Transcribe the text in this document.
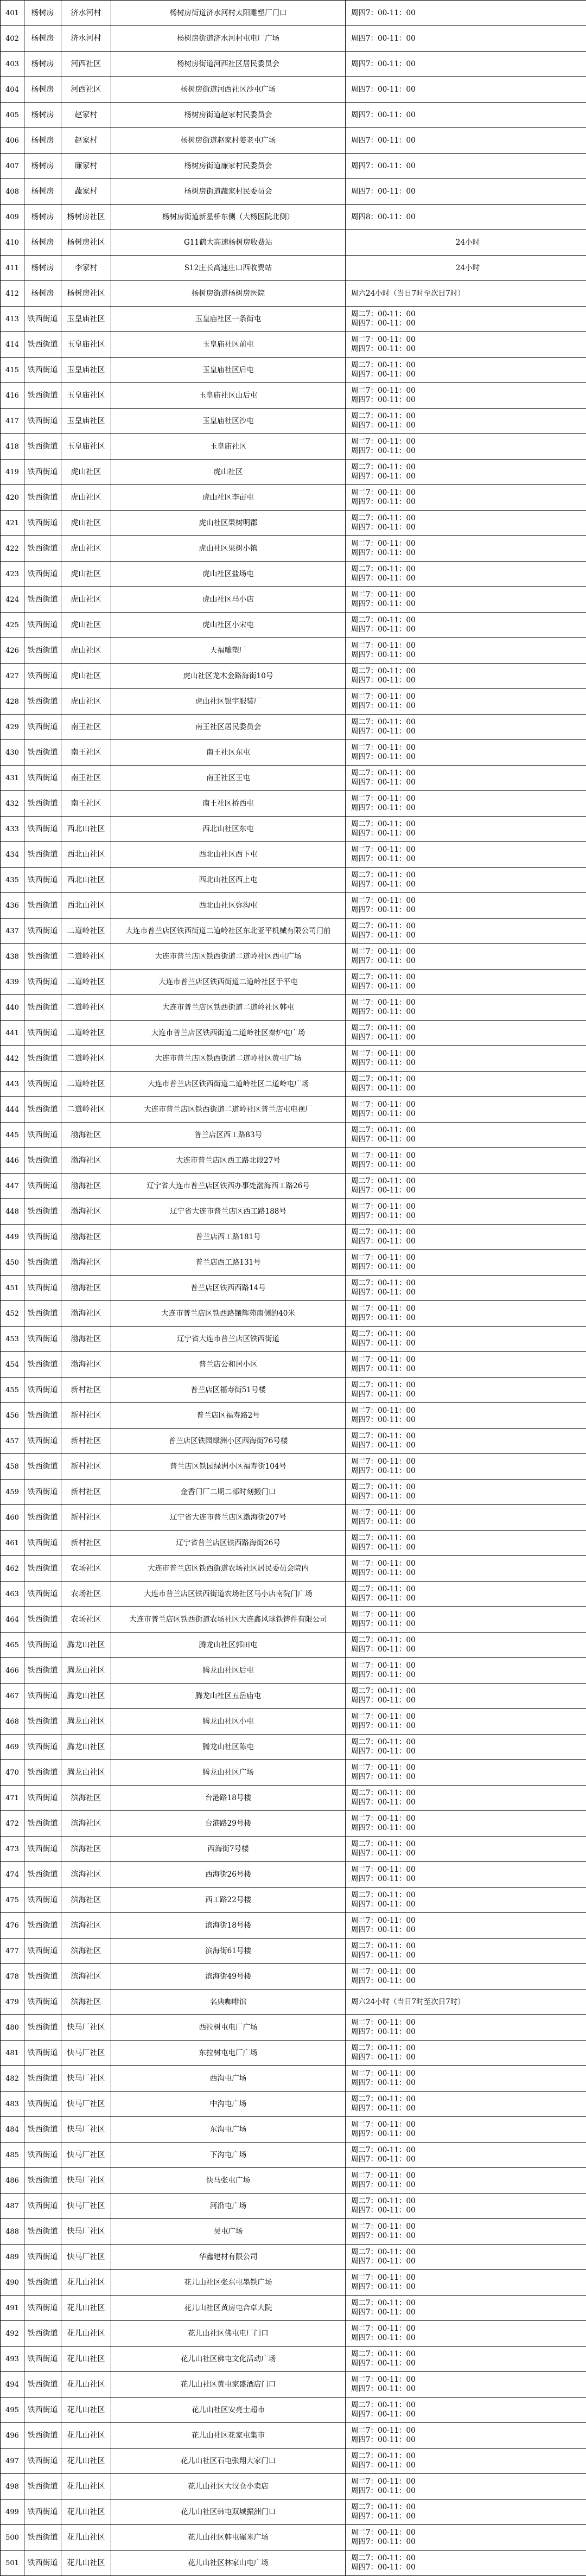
401	杨树房	济水河村	杨树房街道济水河村太阳雕塑厂门口	周四7：00-11：00
402	杨树房	济水河村	杨树房街道济水河村屯电厂广场	周四7：00-11：00
403	杨树房	河西社区	杨树房街道河西社区居民委员会	周四7：00-11：00
404	杨树房	河西社区	杨树房街道河西社区沙屯广场	周四7：00-11：00
405	杨树房	赵家村	杨树房街道赵家村民委员会	周四7：00-11：00
406	杨树房	赵家村	杨树房街道赵家村姜老屯广场	周四7：00-11：00
407	杨树房	廉家村	杨树房街道廉家村民委员会	周四7：00-11：00
408	杨树房	蔬家村	杨树房街道蔬家村民委员会	周四7：00-11：00
409	杨树房	杨树房社区	杨树房街道新星桥东侧（大杨医院北侧）	周四8：00-11：00
410	杨树房	杨树房社区	G11鹤大高速杨树房收费站	24小时
411	杨树房	李家村	S12庄长高速庄口西收费站	24小时
412	杨树房	杨树房社区	杨树房街道杨树房医院	周六24小时（当日7时至次日7时）
413	铁西街道	玉皇庙社区	玉皇庙社区一条街屯	周二7：00-11：00
周四7：00-11：00
414	铁西街道	玉皇庙社区	玉皇庙社区前屯	周二7：00-11：00
周四7：00-11：00
415	铁西街道	玉皇庙社区	玉皇庙社区后屯	周二7：00-11：00
周四7：00-11：00
416	铁西街道	玉皇庙社区	玉皇庙社区山后屯	周二7：00-11：00
周四7：00-11：00
417	铁西街道	玉皇庙社区	玉皇庙社区沙屯	周二7：00-11：00
周四7：00-11：00
418	铁西街道	玉皇庙社区	玉皇庙社区	周二7：00-11：00
周四7：00-11：00
419	铁西街道	虎山社区	虎山社区	周二7：00-11：00
周四7：00-11：00
420	铁西街道	虎山社区	虎山社区李亩屯	周二7：00-11：00
周四7：00-11：00
421	铁西街道	虎山社区	虎山社区果树明郡	周二7：00-11：00
周四7：00-11：00
422	铁西街道	虎山社区	虎山社区果树小镇	周二7：00-11：00
周四7：00-11：00
423	铁西街道	虎山社区	虎山社区盐场屯	周二7：00-11：00
周四7：00-11：00
424	铁西街道	虎山社区	虎山社区马小店	周二7：00-11：00
周四7：00-11：00
425	铁西街道	虎山社区	虎山社区小宋屯	周二7：00-11：00
周四7：00-11：00
426	铁西街道	虎山社区	天福雕塑厂	周二7：00-11：00
周四7：00-11：00
427	铁西街道	虎山社区	虎山社区龙木金路海街10号	周二7：00-11：00
周四7：00-11：00
428	铁西街道	虎山社区	虎山社区银宇服装厂	周二7：00-11：00
周四7：00-11：00
429	铁西街道	南王社区	南王社区居民委员会	周二7：00-11：00
周四7：00-11：00
430	铁西街道	南王社区	南王社区东屯	周二7：00-11：00
周四7：00-11：00
431	铁西街道	南王社区	南王社区王屯	周二7：00-11：00
周四7：00-11：00
432	铁西街道	南王社区	南王社区桥西屯	周二7：00-11：00
周四7：00-11：00
433	铁西街道	西北山社区	西北山社区东屯	周二7：00-11：00
周四7：00-11：00
434	铁西街道	西北山社区	西北山社区西下屯	周二7：00-11：00
周四7：00-11：00
435	铁西街道	西北山社区	西北山社区西上屯	周二7：00-11：00
周四7：00-11：00
436	铁西街道	西北山社区	西北山社区弥沟屯	周二7：00-11：00
周四7：00-11：00
437	铁西街道	二道岭社区	大连市普兰店区铁西街道二道岭社区东北亚平机械有限公司门前	周二7：00-11：00
周四7：00-11：00
438	铁西街道	二道岭社区	大连市普兰店区铁西街道二道岭社区西屯广场	周二7：00-11：00
周四7：00-11：00
439	铁西街道	二道岭社区	大连市普兰店区铁西街道二道岭社区于平屯	周二7：00-11：00
周四7：00-11：00
440	铁西街道	二道岭社区	大连市普兰店区铁西街道二道岭社区韩屯	周二7：00-11：00
周四7：00-11：00
441	铁西街道	二道岭社区	大连市普兰店区铁西街道二道岭社区秦炉屯广场	周二7：00-11：00
周四7：00-11：00
442	铁西街道	二道岭社区	大连市普兰店区铁西街道二道岭社区黄屯广场	周二7：00-11：00
周四7：00-11：00
443	铁西街道	二道岭社区	大连市普兰店区铁西街道二道岭社区二道岭屯广场	周二7：00-11：00
周四7：00-11：00
444	铁西街道	二道岭社区	大连市普兰店区铁西街道二道岭社区普兰店屯电视厂	周二7：00-11：00
周四7：00-11：00
445	铁西街道	渤海社区	普兰店区西工路83号	周二7：00-11：00
周四7：00-11：00
446	铁西街道	渤海社区	大连市普兰店区西工路北段27号	周二7：00-11：00
周四7：00-11：00
447	铁西街道	渤海社区	辽宁省大连市普兰店区铁西办事处渤海西工路26号	周二7：00-11：00
周四7：00-11：00
448	铁西街道	渤海社区	辽宁省大连市普兰店区西工路188号	周二7：00-11：00
周四7：00-11：00
449	铁西街道	渤海社区	普兰店西工路181号	周二7：00-11：00
周四7：00-11：00
450	铁西街道	渤海社区	普兰店西工路131号	周二7：00-11：00
周四7：00-11：00
451	铁西街道	渤海社区	普兰店区铁西西路14号	周二7：00-11：00
周四7：00-11：00
452	铁西街道	渤海社区	大连市普兰店区铁西路镶辉苑南侧的40米	周二7：00-11：00
周四7：00-11：00
453	铁西街道	渤海社区	辽宁省大连市普兰店区铁西街道	周二7：00-11：00
周四7：00-11：00
454	铁西街道	渤海社区	普兰店公和居小区	周二7：00-11：00
周四7：00-11：00
455	铁西街道	新村社区	普兰店区福寿街51号楼	周二7：00-11：00
周四7：00-11：00
456	铁西街道	新村社区	普兰店区福寿路2号	周二7：00-11：00
周四7：00-11：00
457	铁西街道	新村社区	普兰店区铁园绿洲小区西海街76号楼	周二7：00-11：00
周四7：00-11：00
458	铁西街道	新村社区	普兰店区铁园绿洲小区福寿街104号	周二7：00-11：00
周四7：00-11：00
459	铁西街道	新村社区	金香门厂二期二部时刻搬门口	周二7：00-11：00
周四7：00-11：00
460	铁西街道	新村社区	辽宁省大连市普兰店区渤海街207号	周二7：00-11：00
周四7：00-11：00
461	铁西街道	新村社区	辽宁省普兰店区铁西路海街26号	周二7：00-11：00
周四7：00-11：00
462	铁西街道	农场社区	大连市普兰店区铁西街道农场社区居民委员会院内	周二7：00-11：00
周四7：00-11：00
463	铁西街道	农场社区	大连市普兰店区铁西街道农场社区马小店南院门广场	周二7：00-11：00
周四7：00-11：00
464	铁西街道	农场社区	大连市普兰店区铁西街道农场社区大连鑫风球铁铸件有限公司	周二7：00-11：00
周四7：00-11：00
465	铁西街道	腾龙山社区	腾龙山社区郭田屯	周二7：00-11：00
周四7：00-11：00
466	铁西街道	腾龙山社区	腾龙山社区后屯	周二7：00-11：00
周四7：00-11：00
467	铁西街道	腾龙山社区	腾龙山社区五岳庙屯	周二7：00-11：00
周四7：00-11：00
468	铁西街道	腾龙山社区	腾龙山社区小屯	周二7：00-11：00
周四7：00-11：00
469	铁西街道	腾龙山社区	腾龙山社区陈屯	周二7：00-11：00
周四7：00-11：00
470	铁西街道	腾龙山社区	腾龙山社区广场	周二7：00-11：00
周四7：00-11：00
471	铁西街道	滨海社区	台港路18号楼	周二7：00-11：00
周四7：00-11：00
472	铁西街道	滨海社区	台港路29号楼	周二7：00-11：00
周四7：00-11：00
473	铁西街道	滨海社区	西海街7号楼	周二7：00-11：00
周四7：00-11：00
474	铁西街道	滨海社区	西海街26号楼	周二7：00-11：00
周四7：00-11：00
475	铁西街道	滨海社区	西工路22号楼	周二7：00-11：00
周四7：00-11：00
476	铁西街道	滨海社区	滨海街18号楼	周二7：00-11：00
周四7：00-11：00
477	铁西街道	滨海社区	滨海街61号楼	周二7：00-11：00
周四7：00-11：00
478	铁西街道	滨海社区	滨海街49号楼	周二7：00-11：00
周四7：00-11：00
479	铁西街道	滨海社区	名典咖啡馆	周六24小时（当日7时至次日7时）
480	铁西街道	快马厂社区	西拉树屯电厂广场	周二7：00-11：00
周四7：00-11：00
481	铁西街道	快马厂社区	东拉树屯电厂广场	周二7：00-11：00
周四7：00-11：00
482	铁西街道	快马厂社区	西沟屯广场	周二7：00-11：00
周四7：00-11：00
483	铁西街道	快马厂社区	中沟屯广场	周二7：00-11：00
周四7：00-11：00
484	铁西街道	快马厂社区	东沟屯广场	周二7：00-11：00
周四7：00-11：00
485	铁西街道	快马厂社区	下沟屯广场	周二7：00-11：00
周四7：00-11：00
486	铁西街道	快马厂社区	快马张屯广场	周二7：00-11：00
周四7：00-11：00
487	铁西街道	快马厂社区	河沿屯广场	周二7：00-11：00
周四7：00-11：00
488	铁西街道	快马厂社区	吴屯广场	周二7：00-11：00
周四7：00-11：00
489	铁西街道	快马厂社区	华鑫建材有限公司	周二7：00-11：00
周四7：00-11：00
490	铁西街道	花儿山社区	花儿山社区张东屯墨铁广场	周二7：00-11：00
周四7：00-11：00
491	铁西街道	花儿山社区	花儿山社区黄房屯合卓大院	周二7：00-11：00
周四7：00-11：00
492	铁西街道	花儿山社区	花儿山社区佛屯电厂门口	周二7：00-11：00
周四7：00-11：00
493	铁西街道	花儿山社区	花儿山社区佛屯文化活动广场	周二7：00-11：00
周四7：00-11：00
494	铁西街道	花儿山社区	花儿山社区黄屯家盛酒店门口	周二7：00-11：00
周四7：00-11：00
495	铁西街道	花儿山社区	花儿山社区安亮士超市	周二7：00-11：00
周四7：00-11：00
496	铁西街道	花儿山社区	花儿山社区花家屯集市	周二7：00-11：00
周四7：00-11：00
497	铁西街道	花儿山社区	花儿山社区石屯张翔大家门口	周二7：00-11：00
周四7：00-11：00
498	铁西街道	花儿山社区	花儿山社区大汉仓小卖店	周二7：00-11：00
周四7：00-11：00
499	铁西街道	花儿山社区	花儿山社区韩屯双城振洲门口	周二7：00-11：00
周四7：00-11：00
500	铁西街道	花儿山社区	花儿山社区韩屯碾米广场	周二7：00-11：00
周四7：00-11：00
501	铁西街道	花儿山社区	花儿山社区林家山屯广场	周二7：00-11：00
周四7：00-11：00
